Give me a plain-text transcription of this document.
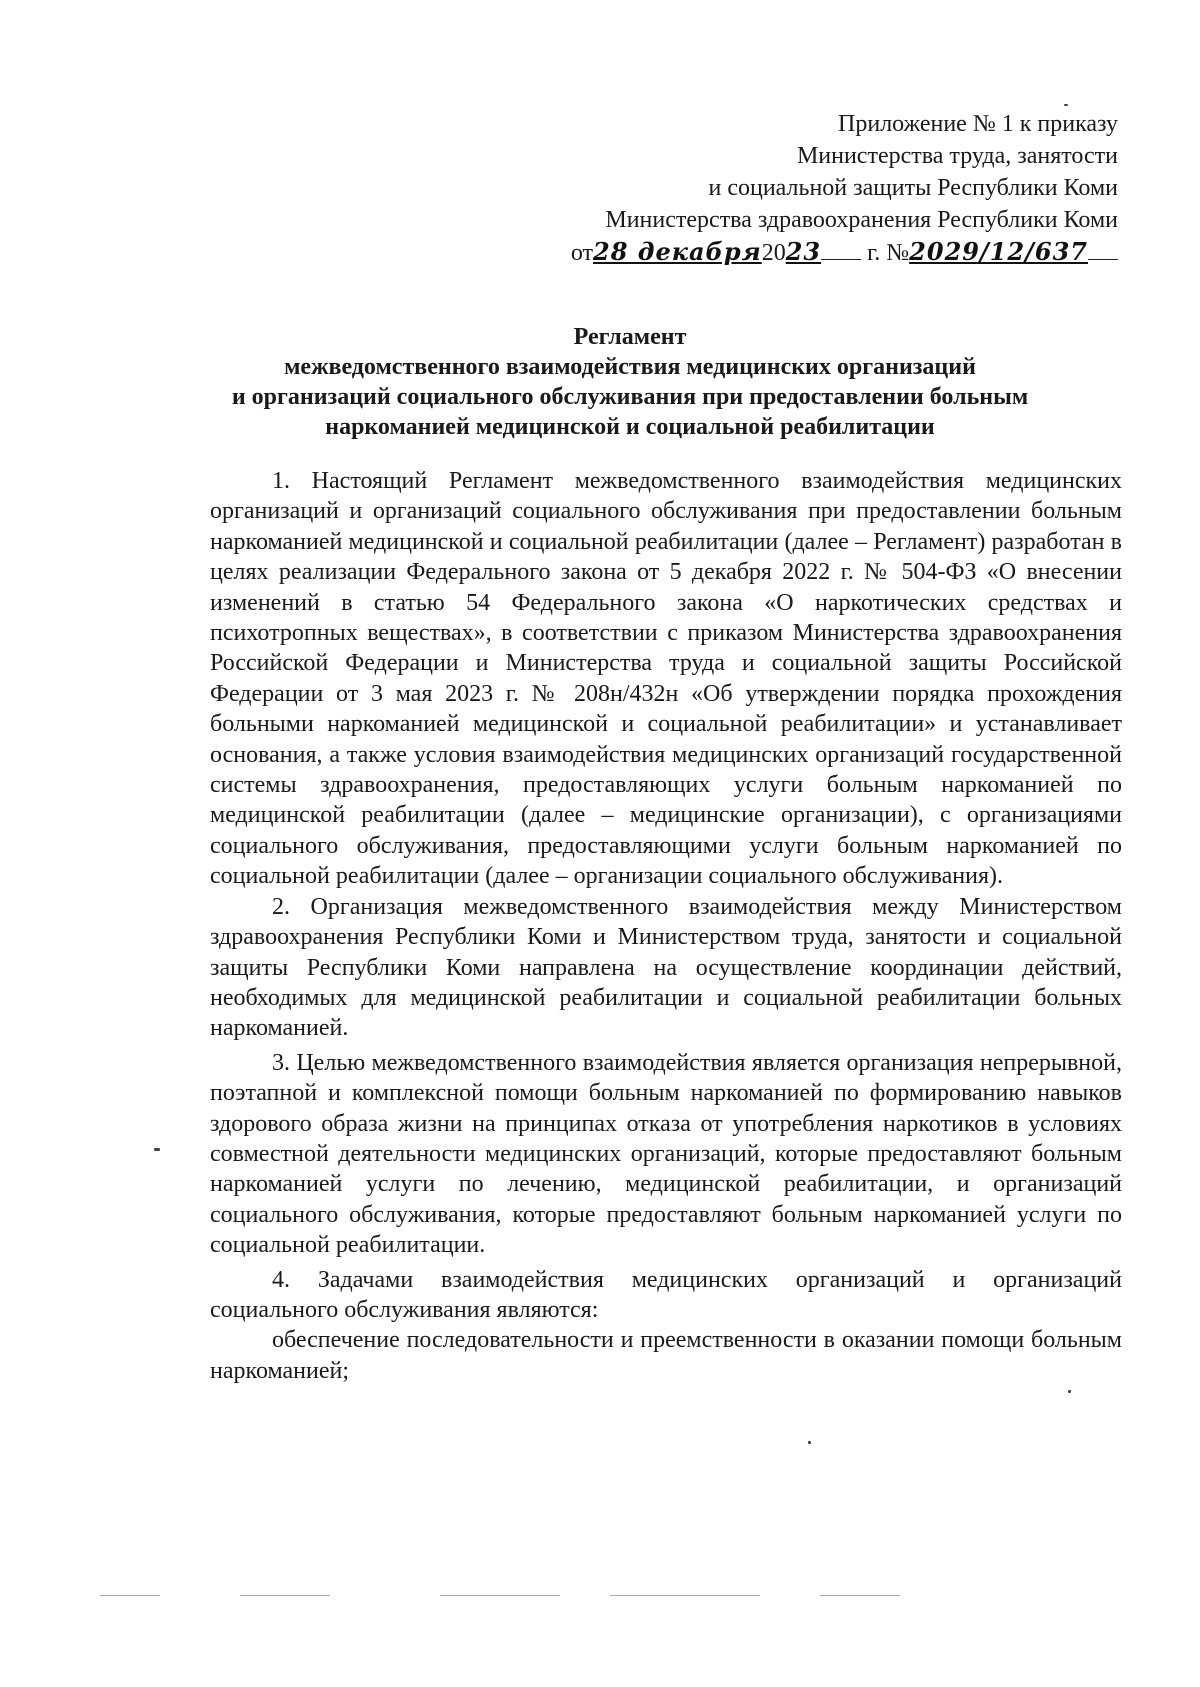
Приложение № 1 к приказу
Министерства труда, занятости
и социальной защиты Республики Коми
Министерства здравоохранения Республики Коми
от28 декабря2023 г. №2029/12/637
Регламент
межведомственного взаимодействия медицинских организаций
и организаций социального обслуживания при предоставлении больным
наркоманией медицинской и социальной реабилитации

1. Настоящий Регламент межведомственного взаимодействия медицинских организаций и организаций социального обслуживания при предоставлении больным наркоманией медицинской и социальной реабилитации (далее – Регламент) разработан в целях реализации Федерального закона от 5 декабря 2022 г. № 504-ФЗ «О внесении изменений в статью 54 Федерального закона «О наркотических средствах и психотропных веществах», в соответствии с приказом Министерства здравоохранения Российской Федерации и Министерства труда и социальной защиты Российской Федерации от 3 мая 2023 г. № 208н/432н «Об утверждении порядка прохождения больными наркоманией медицинской и социальной реабилитации» и устанавливает основания, а также условия взаимодействия медицинских организаций государственной системы здравоохранения, предоставляющих услуги больным наркоманией по медицинской реабилитации (далее – медицинские организации), с организациями социального обслуживания, предоставляющими услуги больным наркоманией по социальной реабилитации (далее – организации социального обслуживания).

2. Организация межведомственного взаимодействия между Министерством здравоохранения Республики Коми и Министерством труда, занятости и социальной защиты Республики Коми направлена на осуществление координации действий, необходимых для медицинской реабилитации и социальной реабилитации больных наркоманией.

3. Целью межведомственного взаимодействия является организация непрерывной, поэтапной и комплексной помощи больным наркоманией по формированию навыков здорового образа жизни на принципах отказа от употребления наркотиков в условиях совместной деятельности медицинских организаций, которые предоставляют больным наркоманией услуги по лечению, медицинской реабилитации, и организаций социального обслуживания, которые предоставляют больным наркоманией услуги по социальной реабилитации.

4. Задачами взаимодействия медицинских организаций и организаций социального обслуживания являются:

обеспечение последовательности и преемственности в оказании помощи больным наркоманией;
